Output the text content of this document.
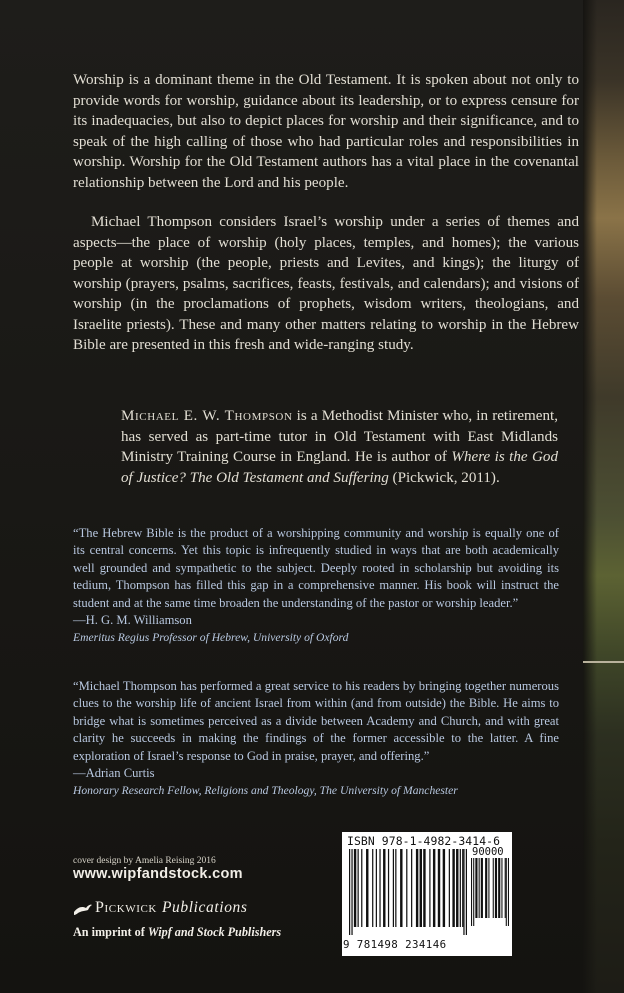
Worship is a dominant theme in the Old Testament. It is spoken about not only to provide words for worship, guidance about its leadership, or to express censure for its inadequacies, but also to depict places for worship and their significance, and to speak of the high calling of those who had particular roles and responsibilities in worship. Worship for the Old Testament authors has a vital place in the covenantal relationship between the Lord and his people.

Michael Thompson considers Israel’s worship under a series of themes and aspects—the place of worship (holy places, temples, and homes); the various people at worship (the people, priests and Levites, and kings); the liturgy of worship (prayers, psalms, sacrifices, feasts, festivals, and calendars); and visions of worship (in the proclamations of prophets, wisdom writers, theologians, and Israelite priests). These and many other matters relating to worship in the Hebrew Bible are presented in this fresh and wide-ranging study.

Michael E. W. Thompson is a Methodist Minister who, in retirement, has served as part-time tutor in Old Testament with East Midlands Ministry Training Course in England. He is author of Where is the God of Justice? The Old Testament and Suffering (Pickwick, 2011).

“The Hebrew Bible is the product of a worshipping community and worship is equally one of its central concerns. Yet this topic is infrequently studied in ways that are both academically well grounded and sympathetic to the subject. Deeply rooted in scholarship but avoiding its tedium, Thompson has filled this gap in a comprehensive manner. His book will instruct the student and at the same time broaden the understanding of the pastor or worship leader.”

—H. G. M. Williamson
Emeritus Regius Professor of Hebrew, University of Oxford

“Michael Thompson has performed a great service to his readers by bringing together numerous clues to the worship life of ancient Israel from within (and from outside) the Bible. He aims to bridge what is sometimes perceived as a divide between Academy and Church, and with great clarity he succeeds in making the findings of the former accessible to the latter. A fine exploration of Israel’s response to God in praise, prayer, and offering.”

—Adrian Curtis
Honorary Research Fellow, Religions and Theology, The University of Manchester
cover design by Amelia Reising 2016
www.wipfandstock.com
Pickwick Publications
An imprint of Wipf and Stock Publishers
ISBN 978-1-4982-3414-6
90000
9 781498 234146
